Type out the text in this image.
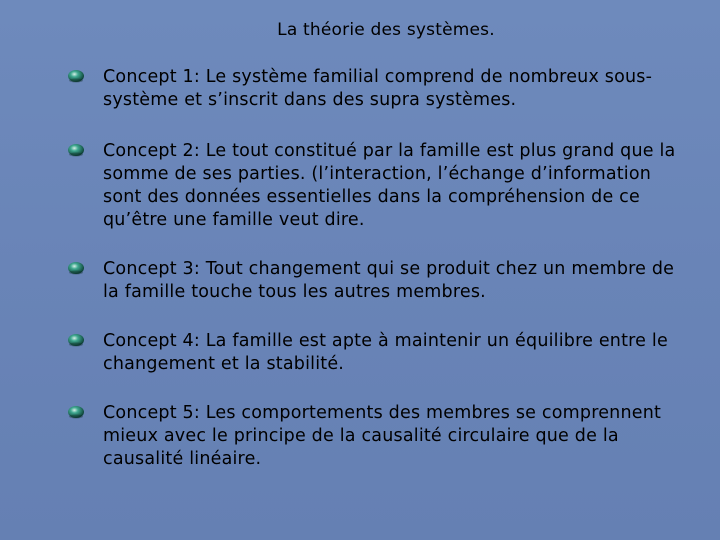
La théorie des systèmes.
Concept 1: Le système familial comprend de nombreux sous-système et s’inscrit dans des supra systèmes.
Concept 2: Le tout constitué par la famille est plus grand que la somme de ses parties. (l’interaction, l’échange d’information sont des données essentielles dans la compréhension de ce qu’être une famille veut dire.
Concept 3: Tout changement qui se produit chez un membre de la famille touche tous les autres membres.
Concept 4: La famille est apte à maintenir un équilibre entre le changement et la stabilité.
Concept 5: Les comportements des membres se comprennent mieux avec le principe de la causalité circulaire que de la causalité linéaire.
